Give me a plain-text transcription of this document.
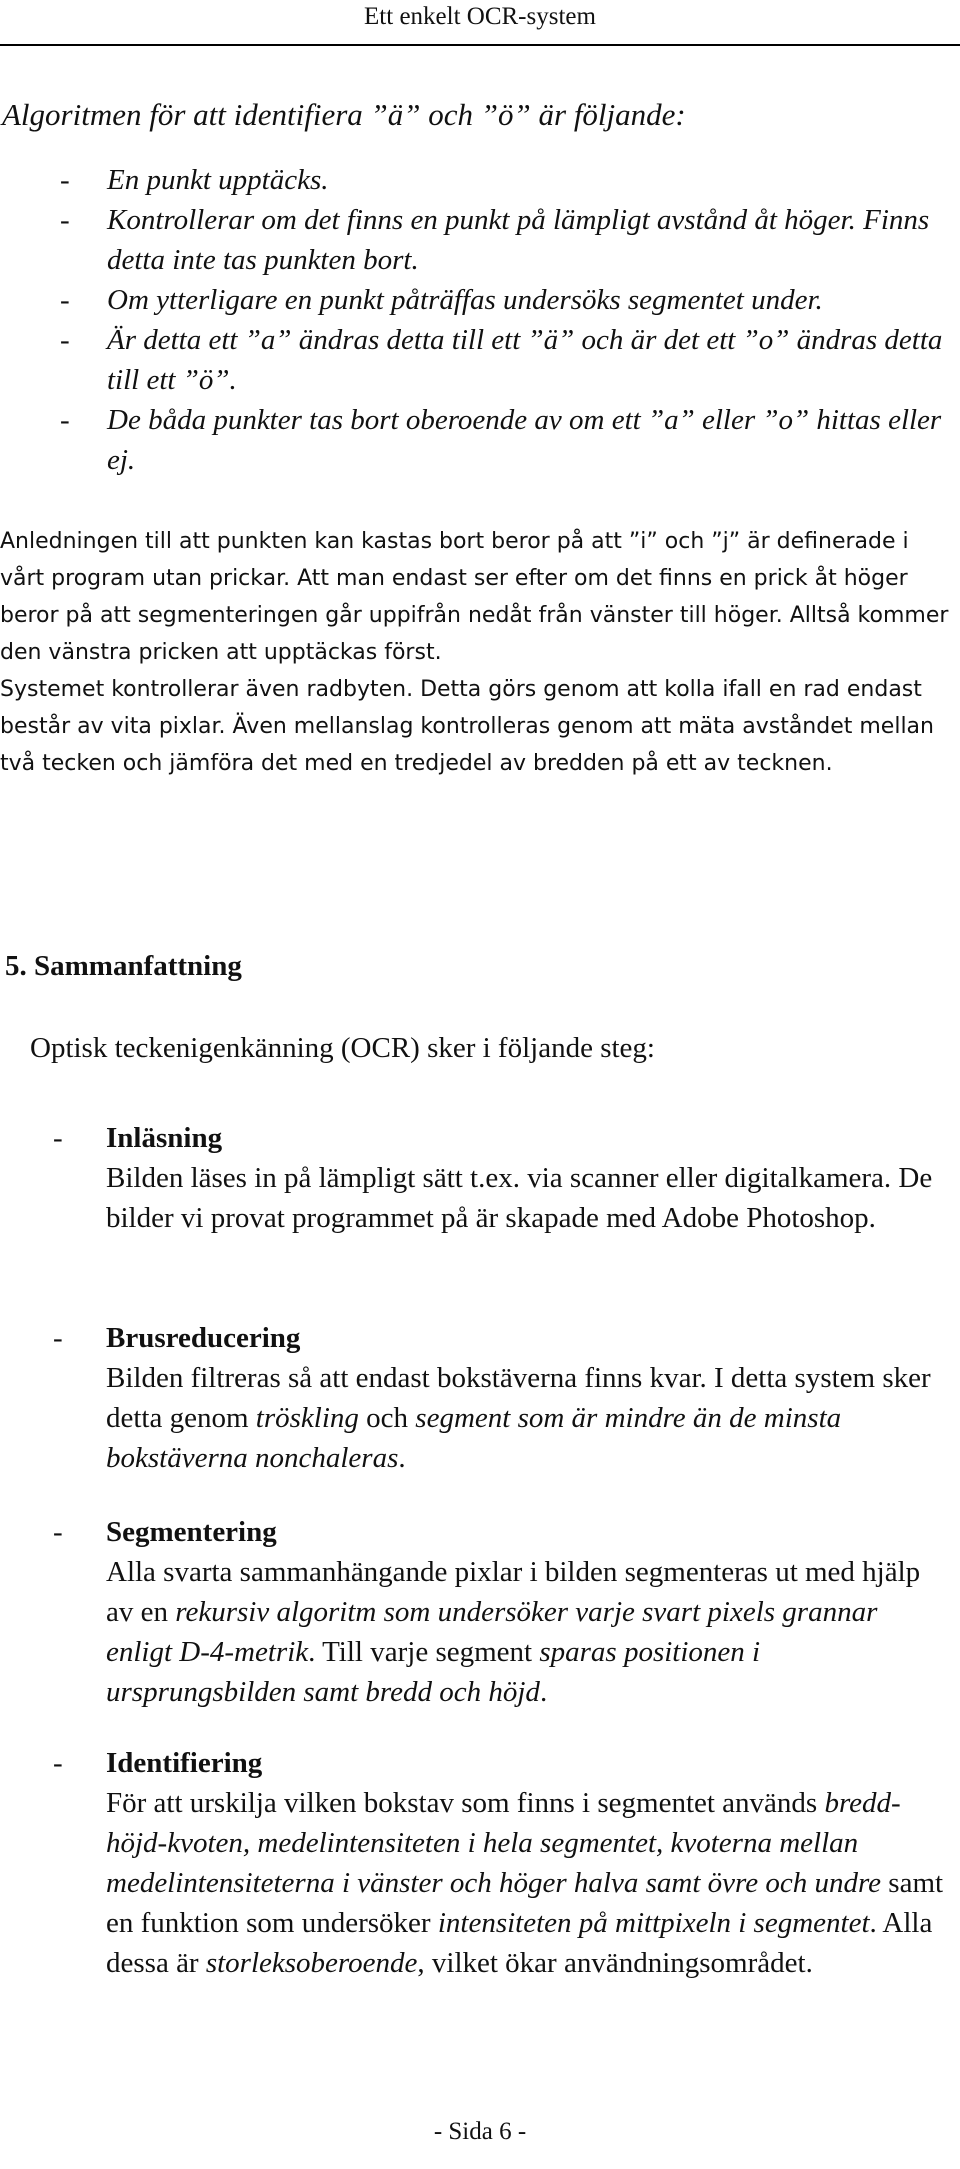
Ett enkelt OCR-system
Algoritmen för att identifiera ”ä” och ”ö” är följande:
- En punkt upptäcks.
- Kontrollerar om det finns en punkt på lämpligt avstånd åt höger. Finns detta inte tas punkten bort.
- Om ytterligare en punkt påträffas undersöks segmentet under.
- Är detta ett ”a” ändras detta till ett ”ä” och är det ett ”o” ändras detta till ett ”ö”.
- De båda punkter tas bort oberoende av om ett ”a” eller ”o” hittas eller ej.

Anledningen till att punkten kan kastas bort beror på att ”i” och ”j” är definerade i vårt program utan prickar. Att man endast ser efter om det finns en prick åt höger beror på att segmenteringen går uppifrån nedåt från vänster till höger. Alltså kommer den vänstra pricken att upptäckas först.

Systemet kontrollerar även radbyten. Detta görs genom att kolla ifall en rad endast består av vita pixlar. Även mellanslag kontrolleras genom att mäta avståndet mellan två tecken och jämföra det med en tredjedel av bredden på ett av tecknen.

5. Sammanfattning
Optisk teckenigenkänning (OCR) sker i följande steg:
- Inläsning
Bilden läses in på lämpligt sätt t.ex. via scanner eller digitalkamera. De bilder vi provat programmet på är skapade med Adobe Photoshop.
- Brusreducering
Bilden filtreras så att endast bokstäverna finns kvar. I detta system sker detta genom tröskling och segment som är mindre än de minsta bokstäverna nonchaleras.
- Segmentering
Alla svarta sammanhängande pixlar i bilden segmenteras ut med hjälp av en rekursiv algoritm som undersöker varje svart pixels grannar enligt D-4-metrik. Till varje segment sparas positionen i ursprungsbilden samt bredd och höjd.
- Identifiering
För att urskilja vilken bokstav som finns i segmentet används bredd-höjd-kvoten, medelintensiteten i hela segmentet, kvoterna mellan medelintensiteterna i vänster och höger halva samt övre och undre samt en funktion som undersöker intensiteten på mittpixeln i segmentet. Alla dessa är storleksoberoende, vilket ökar användningsområdet.
- Sida 6 -
